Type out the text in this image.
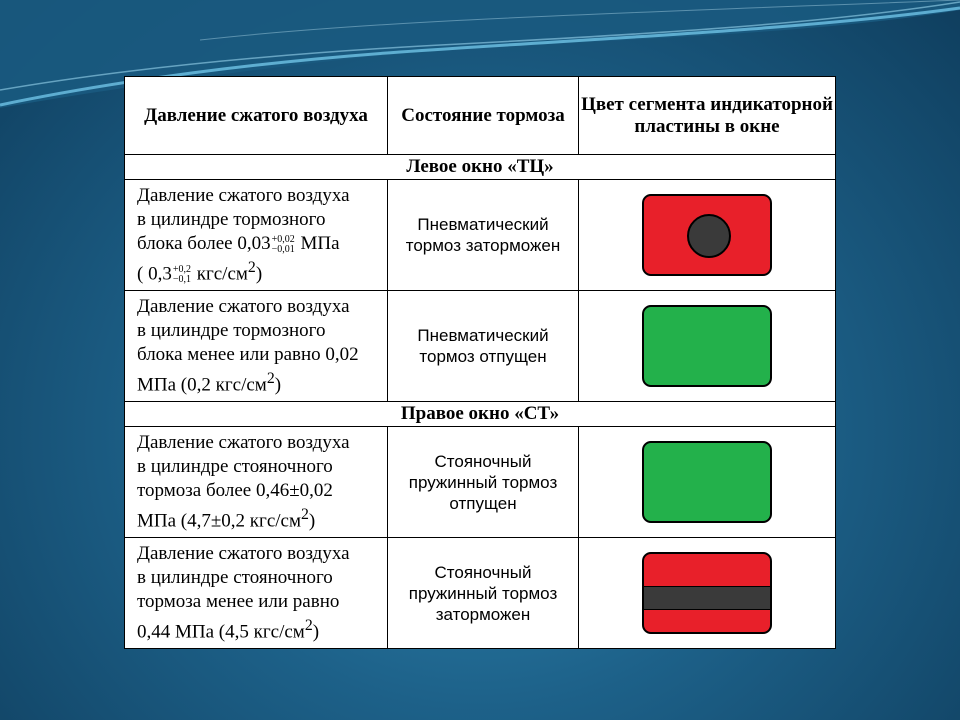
Давление сжатого воздуха	Состояние тормоза
Цвет сегмента индикаторной пластины в окне
Левое окно «ТЦ»
Давление сжатого воздуха
в цилиндре тормозного
блока более 0,03+0,02
−0,01 МПа
( 0,3+0,2
−0,1 кгс/$см^2$)
Пневматический тормоз заторможен
Давление сжатого воздуха
в цилиндре тормозного
блока менее или равно 0,02
МПа (0,2 кгс/$см^2$)
Пневматический тормоз отпущен
Правое окно «СТ»
Давление сжатого воздуха
в цилиндре стояночного
тормоза более 0,46±0,02
МПа (4,7±0,2 кгс/$см^2$)
Стояночный пружинный тормоз отпущен
Давление сжатого воздуха
в цилиндре стояночного
тормоза менее или равно
0,44 МПа (4,5 кгс/$см^2$)
Стояночный пружинный тормоз заторможен
